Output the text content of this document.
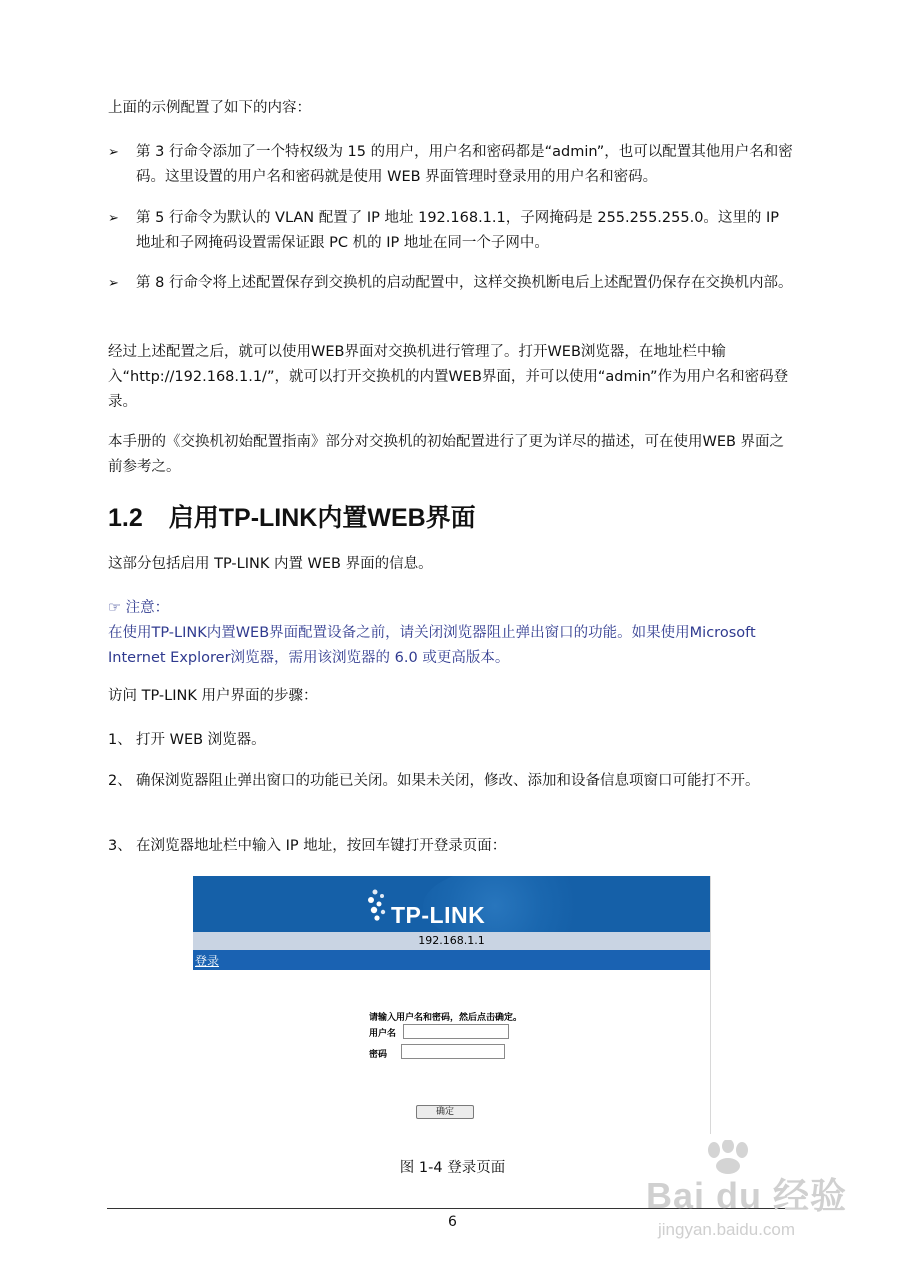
上面的示例配置了如下的内容：

➢	第 3 行命令添加了一个特权级为 15 的用户，用户名和密码都是“admin”，也可以配置其他用户名和密码。这里设置的用户名和密码就是使用 WEB 界面管理时登录用的用户名和密码。
➢	第 5 行命令为默认的 VLAN 配置了 IP 地址 192.168.1.1，子网掩码是 255.255.255.0。这里的 IP 地址和子网掩码设置需保证跟 PC 机的 IP 地址在同一个子网中。
➢	第 8 行命令将上述配置保存到交换机的启动配置中，这样交换机断电后上述配置仍保存在交换机内部。

经过上述配置之后，就可以使用WEB界面对交换机进行管理了。打开WEB浏览器，在地址栏中输入“http://192.168.1.1/”，就可以打开交换机的内置WEB界面，并可以使用“admin”作为用户名和密码登录。

本手册的《交换机初始配置指南》部分对交换机的初始配置进行了更为详尽的描述，可在使用WEB 界面之前参考之。

1.2 启用TP-LINK内置WEB界面

这部分包括启用 TP-LINK 内置 WEB 界面的信息。

☞ 注意：
在使用TP-LINK内置WEB界面配置设备之前，请关闭浏览器阻止弹出窗口的功能。如果使用Microsoft Internet Explorer浏览器，需用该浏览器的 6.0 或更高版本。

访问 TP-LINK 用户界面的步骤：

1、 打开 WEB 浏览器。
2、 确保浏览器阻止弹出窗口的功能已关闭。如果未关闭，修改、添加和设备信息项窗口可能打不开。
3、 在浏览器地址栏中输入 IP 地址，按回车键打开登录页面：
TP-LINK
192.168.1.1
登录
请输入用户名和密码，然后点击确定。
用户名
密码
确定
图 1-4 登录页面
6
Bai du 经验
jingyan.baidu.com
